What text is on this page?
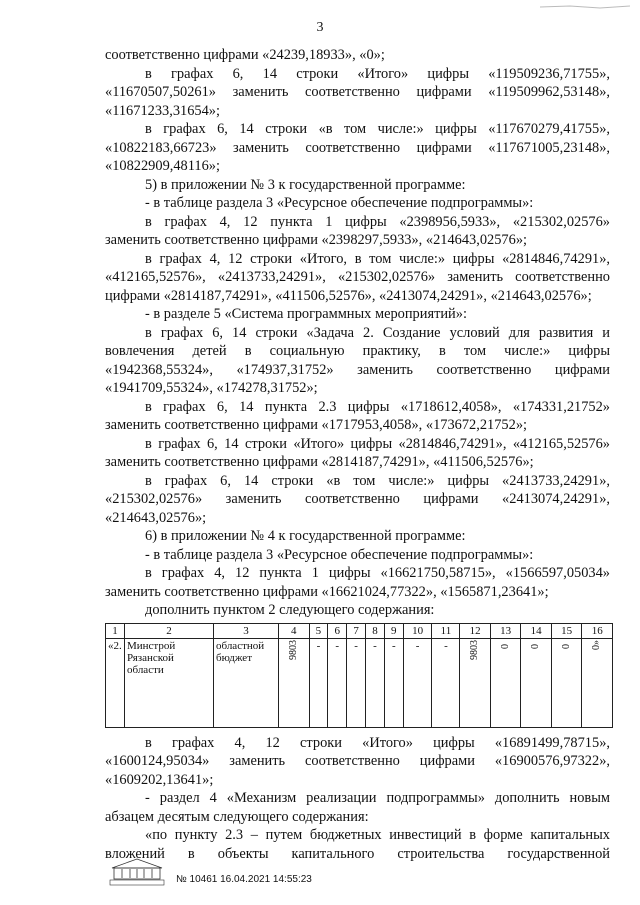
3
соответственно цифрами «24239,18933», «0»;
в графах 6, 14 строки «Итого» цифры «119509236,71755»,
«11670507,50261» заменить соответственно цифрами «119509962,53148»,
«11671233,31654»;
в графах 6, 14 строки «в том числе:» цифры «117670279,41755»,
«10822183,66723» заменить соответственно цифрами «117671005,23148»,
«10822909,48116»;
5) в приложении № 3 к государственной программе:
- в таблице раздела 3 «Ресурсное обеспечение подпрограммы»:
в графах 4, 12 пункта 1 цифры «2398956,5933», «215302,02576»
заменить соответственно цифрами «2398297,5933», «214643,02576»;
в графах 4, 12 строки «Итого, в том числе:» цифры «2814846,74291»,
«412165,52576», «2413733,24291», «215302,02576» заменить соответственно
цифрами «2814187,74291», «411506,52576», «2413074,24291», «214643,02576»;
- в разделе 5 «Система программных мероприятий»:
в графах 6, 14 строки «Задача 2. Создание условий для развития и
вовлечения детей в социальную практику, в том числе:» цифры
«1942368,55324», «174937,31752» заменить соответственно цифрами
«1941709,55324», «174278,31752»;
в графах 6, 14 пункта 2.3 цифры «1718612,4058», «174331,21752»
заменить соответственно цифрами «1717953,4058», «173672,21752»;
в графах 6, 14 строки «Итого» цифры «2814846,74291», «412165,52576»
заменить соответственно цифрами «2814187,74291», «411506,52576»;
в графах 6, 14 строки «в том числе:» цифры «2413733,24291»,
«215302,02576» заменить соответственно цифрами «2413074,24291»,
«214643,02576»;
6) в приложении № 4 к государственной программе:
- в таблице раздела 3 «Ресурсное обеспечение подпрограммы»:
в графах 4, 12 пункта 1 цифры «16621750,58715», «1566597,05034»
заменить соответственно цифрами «16621024,77322», «1565871,23641»;
дополнить пунктом 2 следующего содержания:
1	2	3	4	5	6	7	8	9	10	11	12	13	14	15	16
«2.	Минстрой Рязанской области	областной бюджет	9803	-	-	-	-	-	-	-	9803	0	0	0	0»
в графах 4, 12 строки «Итого» цифры «16891499,78715»,
«1600124,95034» заменить соответственно цифрами «16900576,97322»,
«1609202,13641»;
- раздел 4 «Механизм реализации подпрограммы» дополнить новым
абзацем десятым следующего содержания:
«по пункту 2.3 – путем бюджетных инвестиций в форме капитальных
вложений в объекты капитального строительства государственной
№ 10461 16.04.2021 14:55:23
